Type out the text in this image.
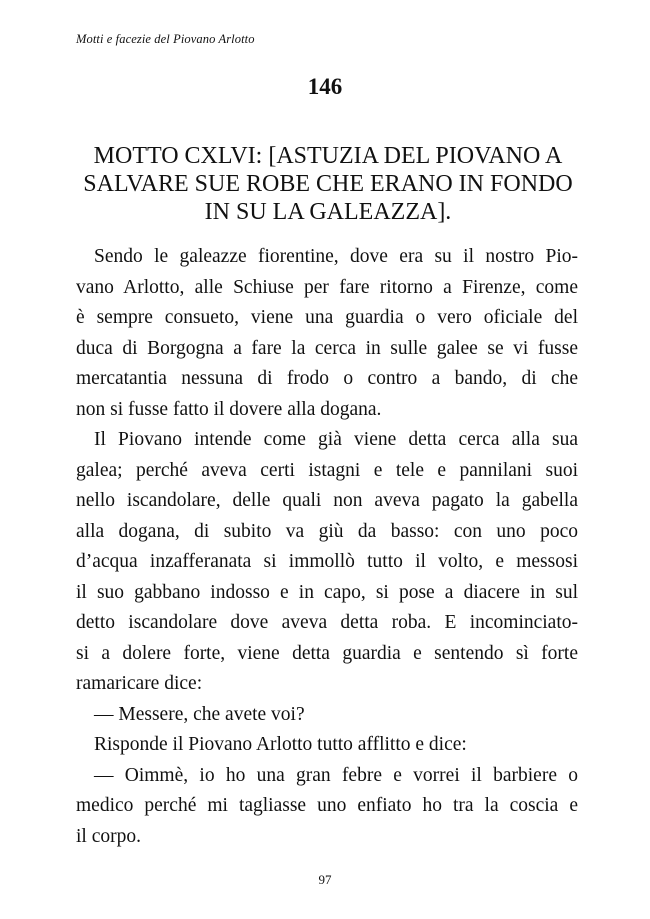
Motti e facezie del Piovano Arlotto
146
MOTTO CXLVI: [ASTUZIA DEL PIOVANO A
SALVARE SUE ROBE CHE ERANO IN FONDO
IN SU LA GALEAZZA].

Sendo le galeazze fiorentine, dove era su il nostro Pio-
vano Arlotto, alle Schiuse per fare ritorno a Firenze, come
è sempre consueto, viene una guardia o vero oficiale del
duca di Borgogna a fare la cerca in sulle galee se vi fusse
mercatantia nessuna di frodo o contro a bando, di che
non si fusse fatto il dovere alla dogana.

Il Piovano intende come già viene detta cerca alla sua
galea; perché aveva certi istagni e tele e pannilani suoi
nello iscandolare, delle quali non aveva pagato la gabella
alla dogana, di subito va giù da basso: con uno poco
d’acqua inzafferanata si immollò tutto il volto, e messosi
il suo gabbano indosso e in capo, si pose a diacere in sul
detto iscandolare dove aveva detta roba. E incominciato-
si a dolere forte, viene detta guardia e sentendo sì forte
ramaricare dice:

— Messere, che avete voi?

Risponde il Piovano Arlotto tutto afflitto e dice:

— Oimmè, io ho una gran febre e vorrei il barbiere o
medico perché mi tagliasse uno enfiato ho tra la coscia e
il corpo.

97
